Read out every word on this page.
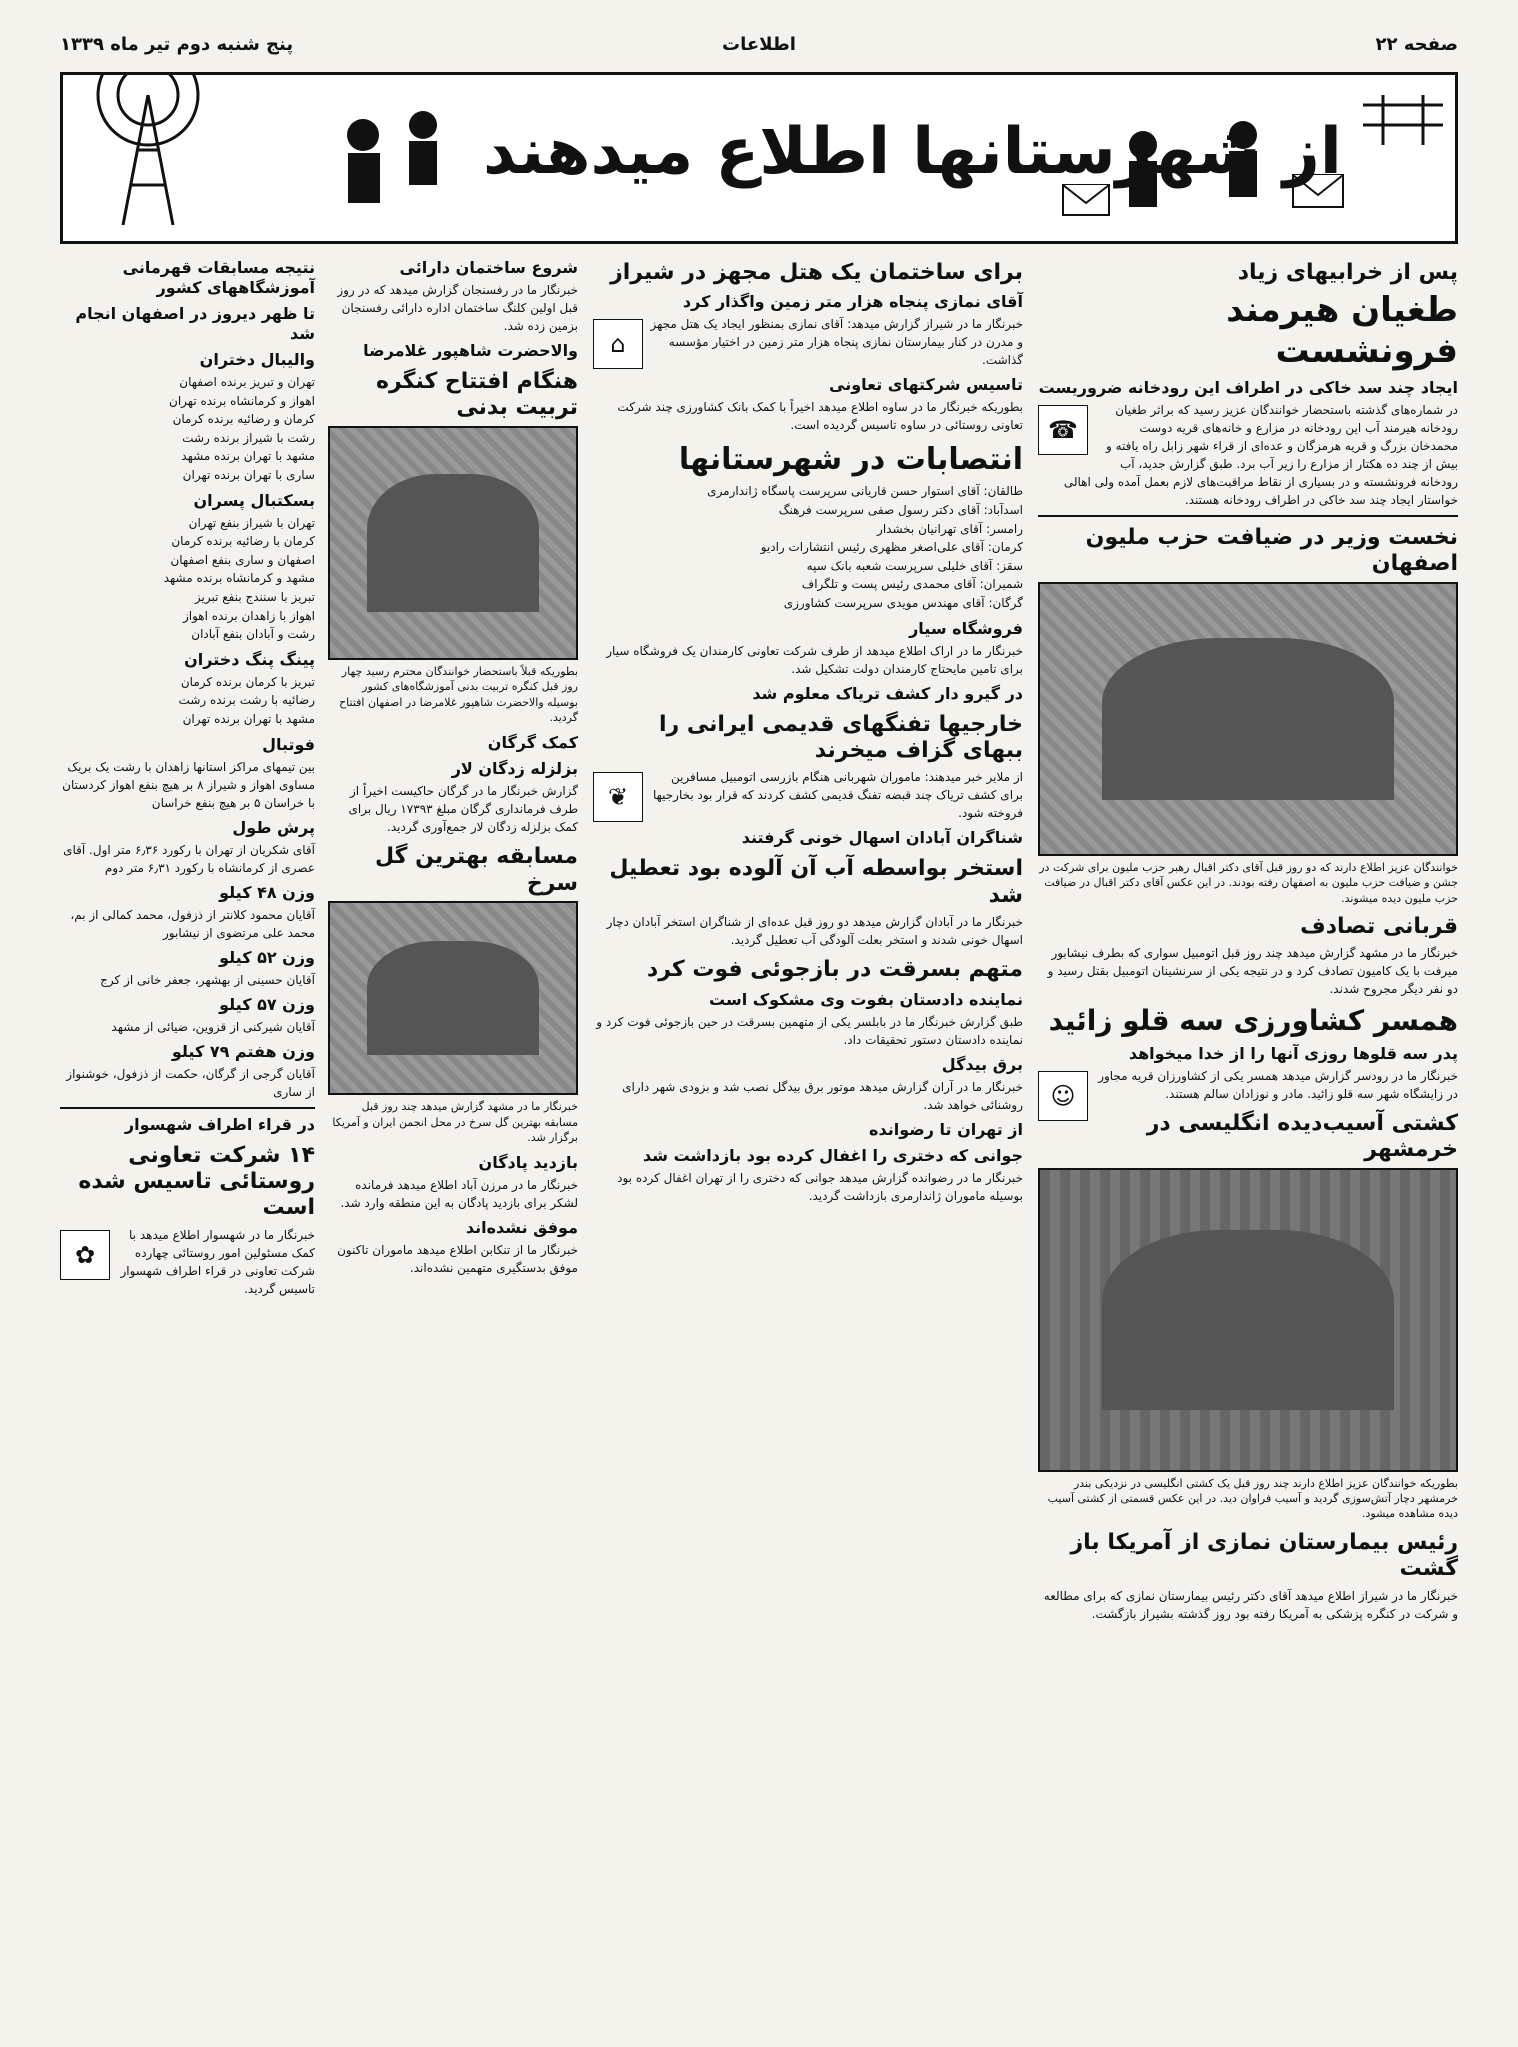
صفحه ۲۲
اطلاعات
پنج شنبه دوم تیر ماه ۱۳۳۹
از شهرستانها اطلاع میدهند
پس از خرابیهای زیاد
طغیان هیرمند فرونشست
ایجاد چند سد خاکی در اطراف این رودخانه ضروریست
☎

در شماره‌های گذشته باستحضار خوانندگان عزیز رسید که براثر طغیان رودخانه هیرمند آب این رودخانه در مزارع و خانه‌های قریه دوست محمدخان بزرگ و قریه هرمزگان و عده‌ای از قراء شهر زابل راه یافته و بیش از چند ده هکتار از مزارع را زیر آب برد. طبق گزارش جدید، آب رودخانه فرونشسته و در بسیاری از نقاط مراقبت‌های لازم بعمل آمده ولی اهالی خواستار ایجاد چند سد خاکی در اطراف رودخانه هستند.

نخست وزیر در ضیافت حزب ملیون اصفهان

خوانندگان عزیز اطلاع دارند که دو روز قبل آقای دکتر اقبال رهبر حزب ملیون برای شرکت در جشن و ضیافت حزب ملیون به اصفهان رفته بودند. در این عکس آقای دکتر اقبال در ضیافت حزب ملیون دیده میشوند.

قربانی تصادف

خبرنگار ما در مشهد گزارش میدهد چند روز قبل اتومبیل سواری که بطرف نیشابور میرفت با یک کامیون تصادف کرد و در نتیجه یکی از سرنشینان اتومبیل بقتل رسید و دو نفر دیگر مجروح شدند.

همسر کشاورزی سه قلو زائید
پدر سه قلوها روزی آنها را از خدا میخواهد
☺

خبرنگار ما در رودسر گزارش میدهد همسر یکی از کشاورزان قریه مجاور در زایشگاه شهر سه قلو زائید. مادر و نوزادان سالم هستند.

کشتی آسیب‌دیده انگلیسی در خرمشهر

بطوریکه خوانندگان عزیز اطلاع دارند چند روز قبل یک کشتی انگلیسی در نزدیکی بندر خرمشهر دچار آتش‌سوزی گردید و آسیب فراوان دید. در این عکس قسمتی از کشتی آسیب دیده مشاهده میشود.

رئیس بیمارستان نمازی از آمریکا باز گشت

خبرنگار ما در شیراز اطلاع میدهد آقای دکتر رئیس بیمارستان نمازی که برای مطالعه و شرکت در کنگره پزشکی به آمریکا رفته بود روز گذشته بشیراز بازگشت.

برای ساختمان یک هتل مجهز در شیراز
آقای نمازی پنجاه هزار متر زمین واگذار کرد
⌂

خبرنگار ما در شیراز گزارش میدهد: آقای نمازی بمنظور ایجاد یک هتل مجهز و مدرن در کنار بیمارستان نمازی پنجاه هزار متر زمین در اختیار مؤسسه گذاشت.

تاسیس شرکتهای تعاونی

بطوریکه خبرنگار ما در ساوه اطلاع میدهد اخیراً با کمک بانک کشاورزی چند شرکت تعاونی روستائی در ساوه تاسیس گردیده است.

انتصابات در شهرستانها
طالقان: آقای استوار حسن قاریانی سرپرست پاسگاه ژاندارمری
اسدآباد: آقای دکتر رسول صفی سرپرست فرهنگ
رامسر: آقای تهرانیان بخشدار
کرمان: آقای علی‌اصغر مظهری رئیس انتشارات رادیو
سقز: آقای خلیلی سرپرست شعبه بانک سپه
شمیران: آقای محمدی رئیس پست و تلگراف
گرگان: آقای مهندس مویدی سرپرست کشاورزی
فروشگاه سیار

خبرنگار ما در اراک اطلاع میدهد از طرف شرکت تعاونی کارمندان یک فروشگاه سیار برای تامین مایحتاج کارمندان دولت تشکیل شد.

در گیرو دار کشف تریاک معلوم شد
خارجیها تفنگهای قدیمی ایرانی را ببهای گزاف میخرند
❦

از ملایر خبر میدهند: ماموران شهربانی هنگام بازرسی اتومبیل مسافرین برای کشف تریاک چند قبضه تفنگ قدیمی کشف کردند که قرار بود بخارجیها فروخته شود.

شناگران آبادان اسهال خونی گرفتند
استخر بواسطه آب آن آلوده بود تعطیل شد

خبرنگار ما در آبادان گزارش میدهد دو روز قبل عده‌ای از شناگران استخر آبادان دچار اسهال خونی شدند و استخر بعلت آلودگی آب تعطیل گردید.

متهم بسرقت در بازجوئی فوت کرد
نماینده دادستان بفوت وی مشکوک است

طبق گزارش خبرنگار ما در بابلسر یکی از متهمین بسرقت در حین بازجوئی فوت کرد و نماینده دادستان دستور تحقیقات داد.

برق بیدگل

خبرنگار ما در آران گزارش میدهد موتور برق بیدگل نصب شد و بزودی شهر دارای روشنائی خواهد شد.

از تهران تا رضوانده
جوانی که دختری را اغفال کرده بود بازداشت شد

خبرنگار ما در رضوانده گزارش میدهد جوانی که دختری را از تهران اغفال کرده بود بوسیله ماموران ژاندارمری بازداشت گردید.

شروع ساختمان دارائی

خبرنگار ما در رفسنجان گزارش میدهد که در روز قبل اولین کلنگ ساختمان اداره دارائی رفسنجان بزمین زده شد.

والاحضرت شاهپور غلامرضا
هنگام افتتاح کنگره تربیت بدنی

بطوریکه قبلاً باستحضار خوانندگان محترم رسید چهار روز قبل کنگره تربیت بدنی آموزشگاه‌های کشور بوسیله والاحضرت شاهپور غلامرضا در اصفهان افتتاح گردید.

کمک گرگان
بزلزله زدگان لار

گزارش خبرنگار ما در گرگان حاکیست اخیراً از طرف فرمانداری گرگان مبلغ ۱۷۳۹۳ ریال برای کمک بزلزله زدگان لار جمع‌آوری گردید.

مسابقه بهترین گل سرخ

خبرنگار ما در مشهد گزارش میدهد چند روز قبل مسابقه بهترین گل سرخ در محل انجمن ایران و آمریکا برگزار شد.

بازدید پادگان

خبرنگار ما در مرزن آباد اطلاع میدهد فرمانده لشکر برای بازدید پادگان به این منطقه وارد شد.

موفق نشده‌اند

خبرنگار ما از تنکابن اطلاع میدهد ماموران تاکنون موفق بدستگیری متهمین نشده‌اند.

نتیجه مسابقات قهرمانی آموزشگاههای کشور
تا ظهر دیروز در اصفهان انجام شد
والیبال دختران
تهران و تبریز برنده اصفهان
اهواز و کرمانشاه برنده تهران
کرمان و رضائیه برنده کرمان
رشت با شیراز برنده رشت
مشهد با تهران برنده مشهد
ساری با تهران برنده تهران
بسکتبال پسران
تهران با شیراز بنفع تهران
کرمان با رضائیه برنده کرمان
اصفهان و ساری بنفع اصفهان
مشهد و کرمانشاه برنده مشهد
تبریز با سنندج بنفع تبریز
اهواز با زاهدان برنده اهواز
رشت و آبادان بنفع آبادان
پینگ پنگ دختران
تبریز با کرمان برنده کرمان
رضائیه با رشت برنده رشت
مشهد با تهران برنده تهران
فوتبال

بین تیمهای مراکز استانها زاهدان با رشت یک بریک مساوی اهواز و شیراز ۸ بر هیچ بنفع اهواز کردستان با خراسان ۵ بر هیچ بنفع خراسان

پرش طول

آقای شکریان از تهران با رکورد ۶٫۳۶ متر اول. آقای عصری از کرمانشاه با رکورد ۶٫۳۱ متر دوم

وزن ۴۸ کیلو

آقایان محمود کلانتر از ذزفول، محمد کمالی از بم، محمد علی مرتضوی از نیشابور

وزن ۵۲ کیلو

آقایان حسینی از بهشهر، جعفر خانی از کرج

وزن ۵۷ کیلو

آقایان شیرکنی از قزوین، ضیائی از مشهد

وزن هفتم ۷۹ کیلو

آقایان گرجی از گرگان، حکمت از ذزفول، خوشنواز از ساری

در قراء اطراف شهسوار
۱۴ شرکت تعاونی روستائی تاسیس شده است
✿

خبرنگار ما در شهسوار اطلاع میدهد با کمک مسئولین امور روستائی چهارده شرکت تعاونی در قراء اطراف شهسوار تاسیس گردید.
